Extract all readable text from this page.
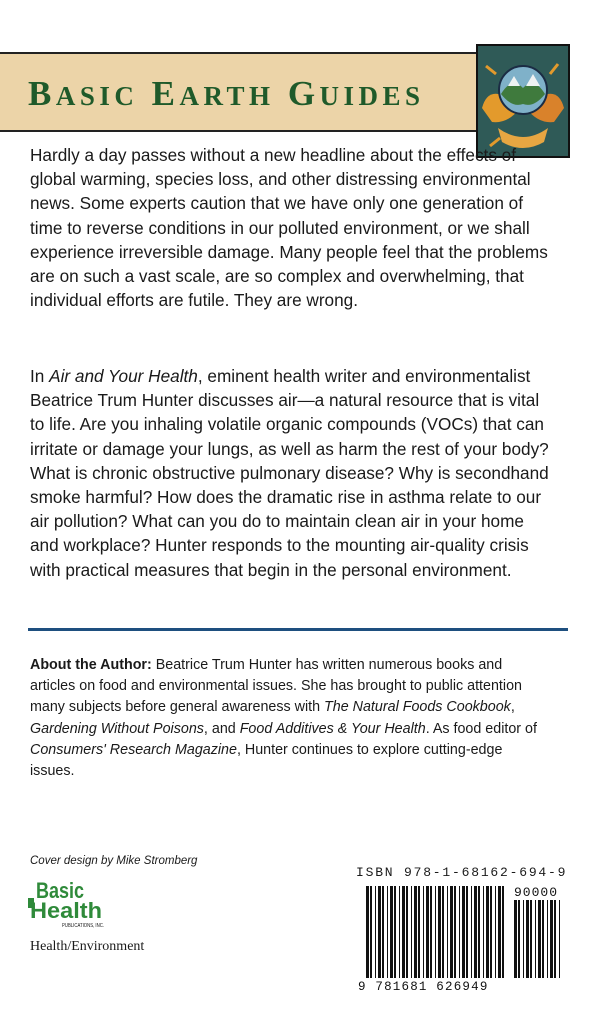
BASIC EARTH GUIDES

Hardly a day passes without a new headline about the effects of global warming, species loss, and other distressing environmental news. Some experts caution that we have only one generation of time to reverse conditions in our polluted environment, or we shall experience irreversible damage. Many people feel that the problems are on such a vast scale, are so complex and overwhelming, that individual efforts are futile. They are wrong.

In Air and Your Health, eminent health writer and environmentalist Beatrice Trum Hunter discusses air—a natural resource that is vital to life. Are you inhaling volatile organic compounds (VOCs) that can irritate or damage your lungs, as well as harm the rest of your body? What is chronic obstructive pulmonary disease? Why is secondhand smoke harmful? How does the dramatic rise in asthma relate to our air pollution? What can you do to maintain clean air in your home and workplace? Hunter responds to the mounting air-quality crisis with practical measures that begin in the personal environment.

About the Author: Beatrice Trum Hunter has written numerous books and articles on food and environmental issues. She has brought to public attention many subjects before general awareness with The Natural Foods Cookbook, Gardening Without Poisons, and Food Additives & Your Health. As food editor of Consumers' Research Magazine, Hunter continues to explore cutting-edge issues.

Cover design by Mike Stromberg
Basic
Health
PUBLICATIONS, INC.
Health/Environment
ISBN 978-1-68162-694-9
90000
9 781681 626949
